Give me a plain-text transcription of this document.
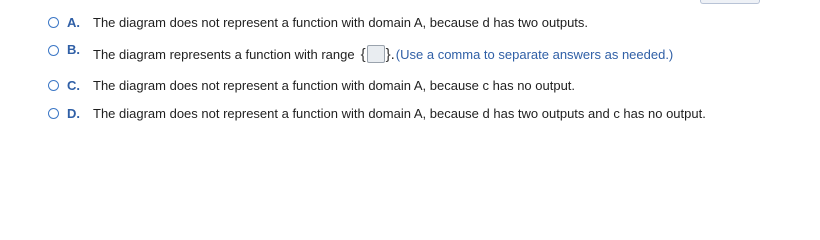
A.	The diagram does not represent a function with domain A, because d has two outputs.
B.	The diagram represents a function with range { }. (Use a comma to separate answers as needed.)
C.	The diagram does not represent a function with domain A, because c has no output.
D.	The diagram does not represent a function with domain A, because d has two outputs and c has no output.
